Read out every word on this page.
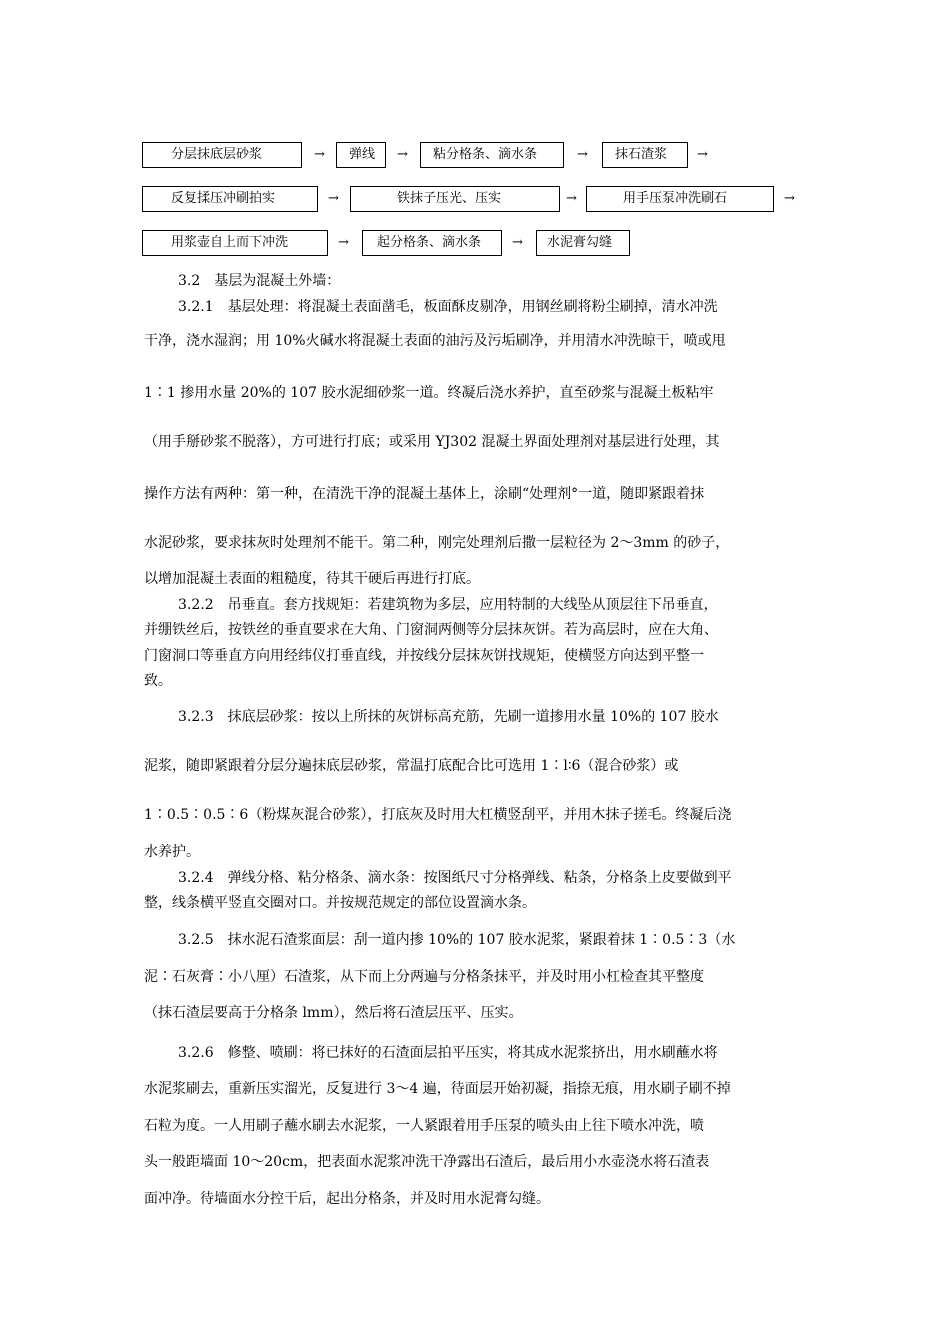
分层抹底层砂浆	→	弹线	→	粘分格条、滴水条	→	抹石渣浆	→
反复揉压冲刷拍实	→	铁抹子压光、压实	→	用手压泵冲洗刷石	→
用浆壶自上而下冲洗	→	起分格条、滴水条	→	水泥膏勾缝
3.2　基层为混凝土外墙：
3.2.1　基层处理：将混凝土表面凿毛，板面酥皮剔净，用钢丝刷将粉尘刷掉，清水冲洗
干净，浇水湿润；用 10%火碱水将混凝土表面的油污及污垢刷净，并用清水冲洗晾干，喷或甩
1∶1 掺用水量 20%的 107 胶水泥细砂浆一道。终凝后浇水养护，直至砂浆与混凝土板粘牢
（用手掰砂浆不脱落），方可进行打底；或采用 YJ302 混凝土界面处理剂对基层进行处理，其
操作方法有两种：第一种，在清洗干净的混凝土基体上，涂刷“处理剂°一道，随即紧跟着抹
水泥砂浆，要求抹灰时处理剂不能干。第二种，刚完处理剂后撒一层粒径为 2～3mm 的砂子，
以增加混凝土表面的粗糙度，待其干硬后再进行打底。
3.2.2　吊垂直。套方找规矩：若建筑物为多层，应用特制的大线坠从顶层往下吊垂直，
并绷铁丝后，按铁丝的垂直要求在大角、门窗洞两侧等分层抹灰饼。若为高层时，应在大角、
门窗洞口等垂直方向用经纬仪打垂直线，并按线分层抹灰饼找规矩，使横竖方向达到平整一
致。
3.2.3　抹底层砂浆：按以上所抹的灰饼标高充筋，先刷一道掺用水量 10%的 107 胶水
泥浆，随即紧跟着分层分遍抹底层砂浆，常温打底配合比可选用 1∶l∶6（混合砂浆）或
1∶0.5∶0.5∶6（粉煤灰混合砂浆），打底灰及时用大杠横竖刮平，并用木抹子搓毛。终凝后浇
水养护。
3.2.4　弹线分格、粘分格条、滴水条：按图纸尺寸分格弹线、粘条，分格条上皮要做到平
整，线条横平竖直交圈对口。并按规范规定的部位设置滴水条。
3.2.5　抹水泥石渣浆面层：刮一道内掺 10%的 107 胶水泥浆，紧跟着抹 1∶0.5∶3（水
泥∶石灰膏∶小八厘）石渣浆，从下而上分两遍与分格条抹平，并及时用小杠检查其平整度
（抹石渣层要高于分格条 lmm），然后将石渣层压平、压实。
3.2.6　修整、喷刷：将已抹好的石渣面层拍平压实，将其成水泥浆挤出，用水刷蘸水将
水泥浆刷去，重新压实溜光，反复进行 3～4 遍，待面层开始初凝，指捺无痕，用水刷子刷不掉
石粒为度。一人用刷子蘸水刷去水泥浆，一人紧跟着用手压泵的喷头由上往下喷水冲洗，喷
头一般距墙面 10～20cm，把表面水泥浆冲洗干净露出石渣后，最后用小水壶浇水将石渣表
面冲净。待墙面水分控干后，起出分格条，并及时用水泥膏勾缝。
